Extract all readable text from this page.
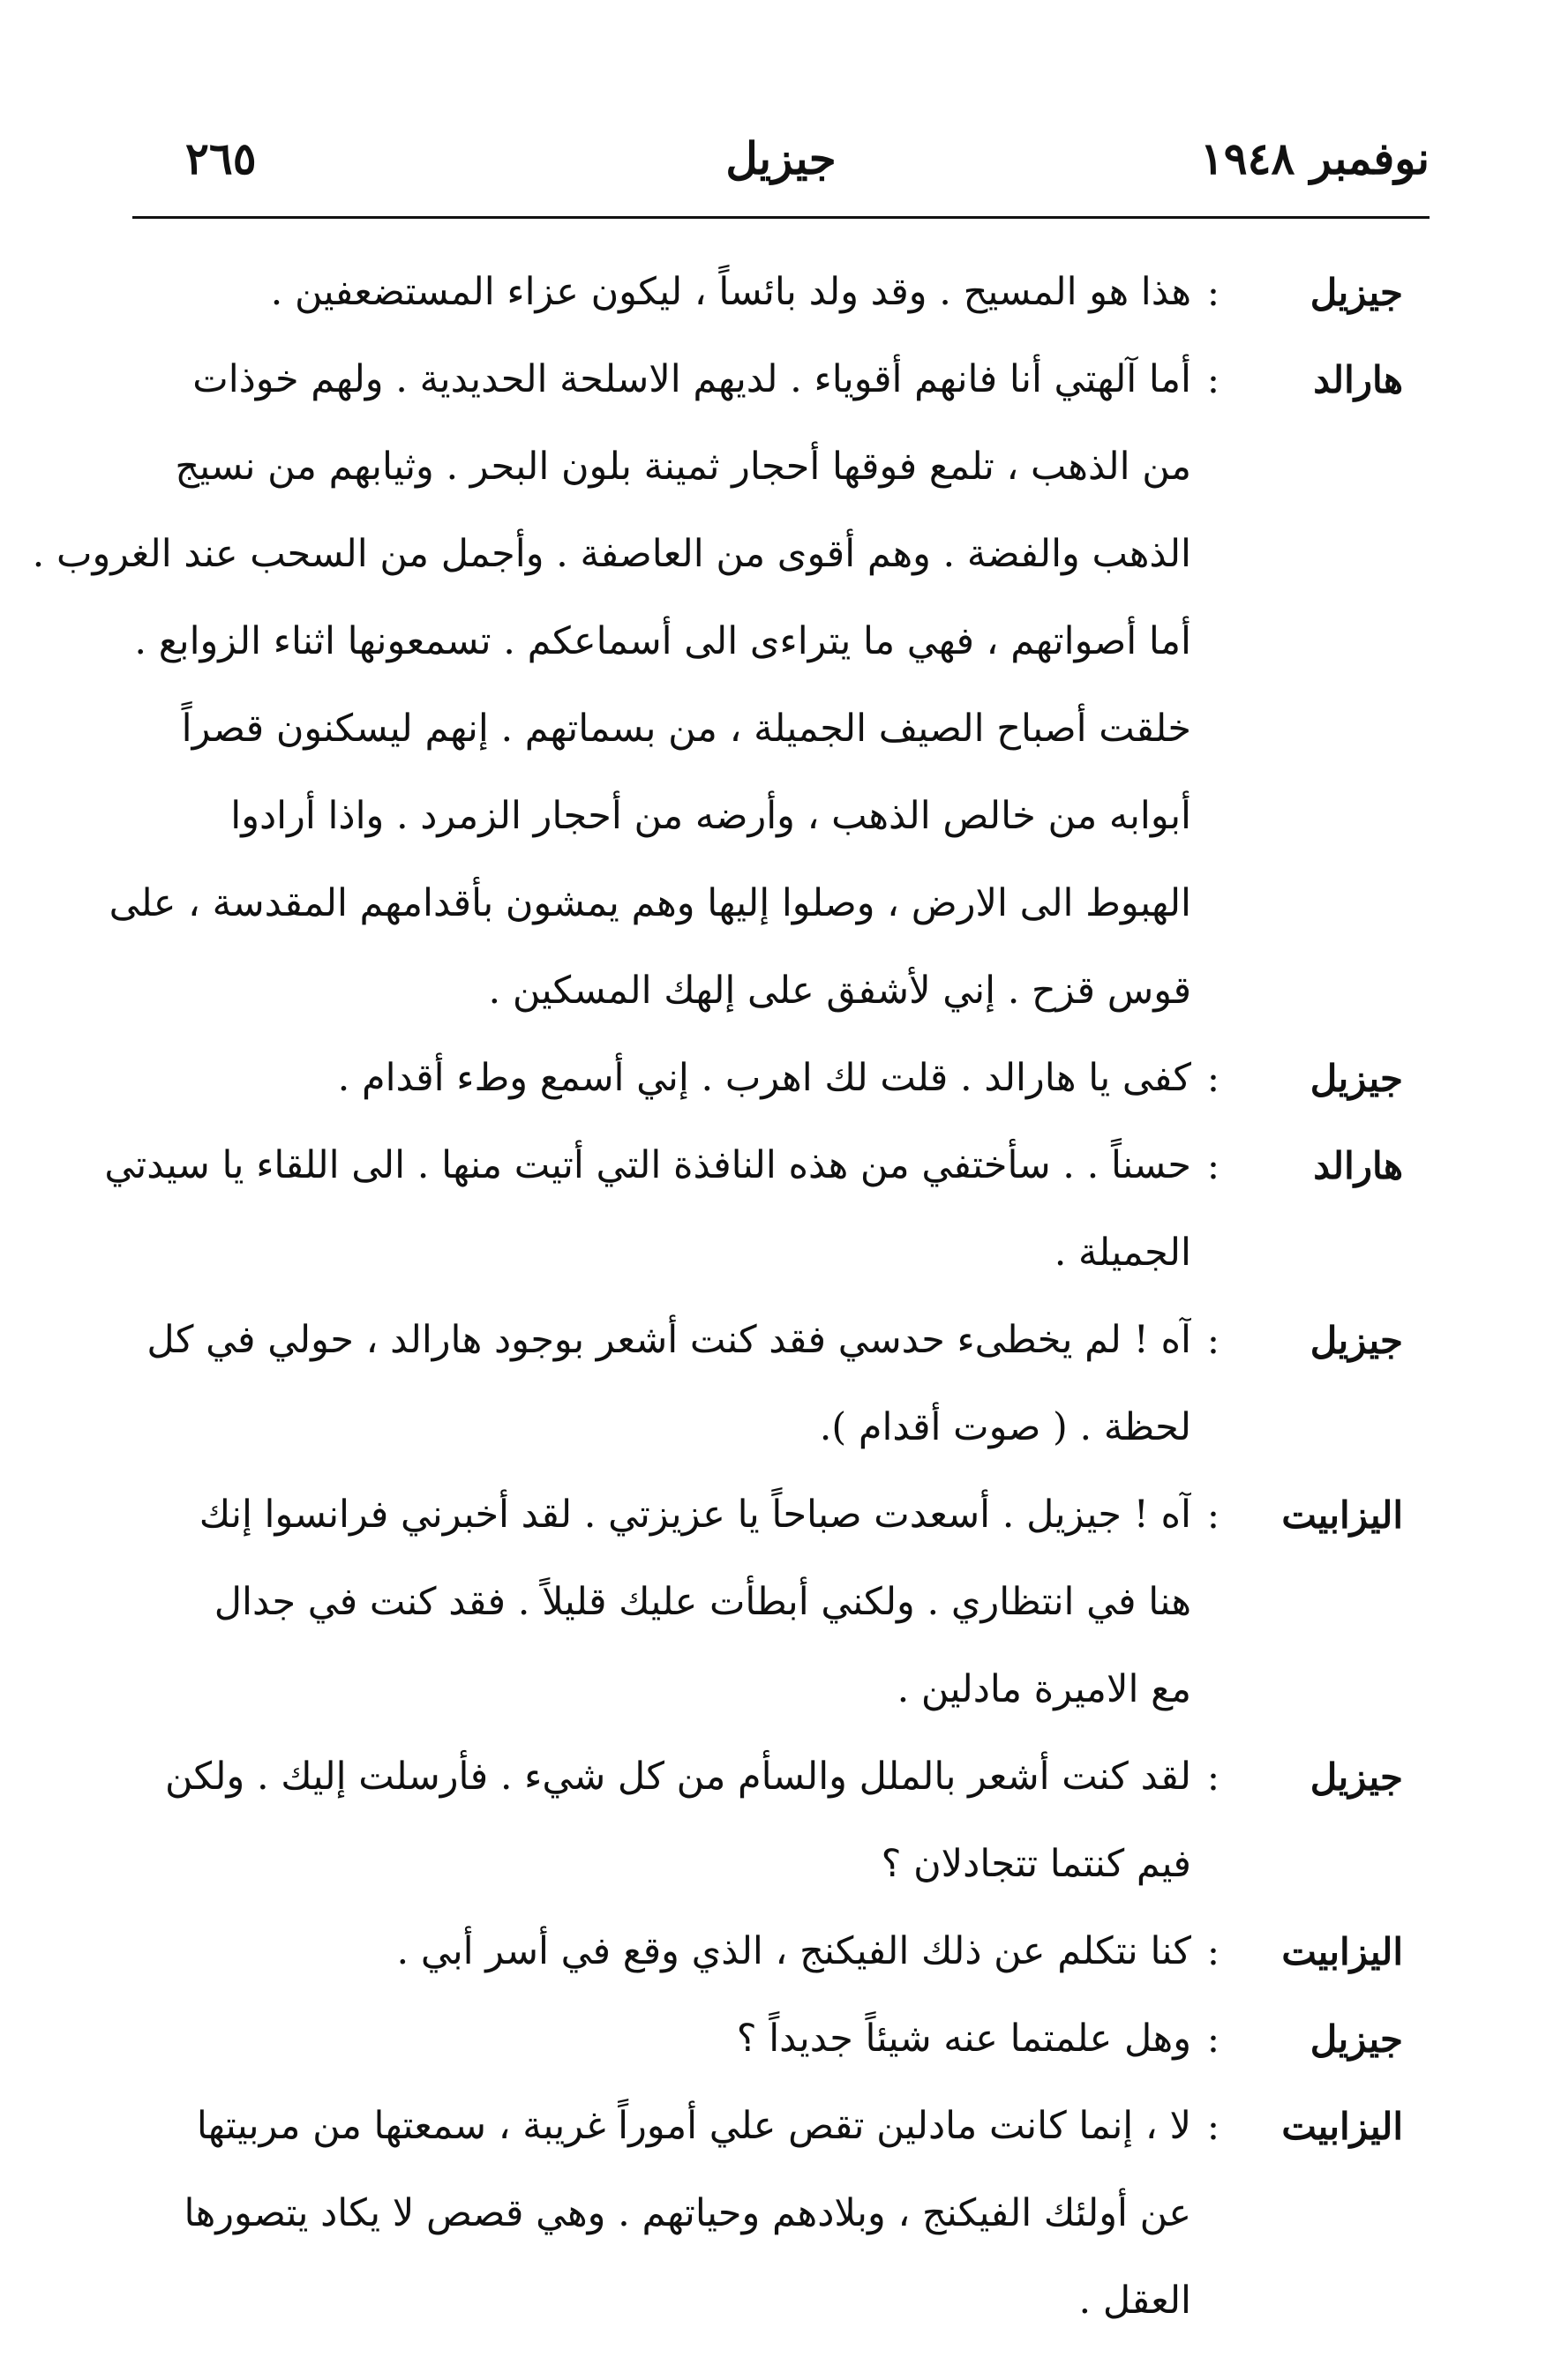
نوفمبر ١٩٤٨
جيزيل
٢٦٥
جيزيل
:
هذا هو المسيح . وقد ولد بائساً ، ليكون عزاء المستضعفين .
هارالد
:
أما آلهتي أنا فانهم أقوياء . لديهم الاسلحة الحديدية . ولهم خوذات
من الذهب ، تلمع فوقها أحجار ثمينة بلون البحر . وثيابهم من نسيج
الذهب والفضة . وهم أقوى من العاصفة . وأجمل من السحب عند الغروب .
أما أصواتهم ، فهي ما يتراءى الى أسماعكم . تسمعونها اثناء الزوابع .
خلقت أصباح الصيف الجميلة ، من بسماتهم . إنهم ليسكنون قصراً
أبوابه من خالص الذهب ، وأرضه من أحجار الزمرد . واذا أرادوا
الهبوط الى الارض ، وصلوا إليها وهم يمشون بأقدامهم المقدسة ، على
قوس قزح . إني لأشفق على إلهك المسكين .
جيزيل
:
كفى يا هارالد . قلت لك اهرب . إني أسمع وطء أقدام .
هارالد
:
حسناً . . سأختفي من هذه النافذة التي أتيت منها . الى اللقاء يا سيدتي
الجميلة .
جيزيل
:
آه ! لم يخطىء حدسي فقد كنت أشعر بوجود هارالد ، حولي في كل
لحظة . ( صوت أقدام ).
اليزابيت
:
آه ! جيزيل . أسعدت صباحاً يا عزيزتي . لقد أخبرني فرانسوا إنك
هنا في انتظاري . ولكني أبطأت عليك قليلاً . فقد كنت في جدال
مع الاميرة مادلين .
جيزيل
:
لقد كنت أشعر بالملل والسأم من كل شيء . فأرسلت إليك . ولكن
فيم كنتما تتجادلان ؟
اليزابيت
:
كنا نتكلم عن ذلك الفيكنج ، الذي وقع في أسر أبي .
جيزيل
:
وهل علمتما عنه شيئاً جديداً ؟
اليزابيت
:
لا ، إنما كانت مادلين تقص علي أموراً غريبة ، سمعتها من مربيتها
عن أولئك الفيكنج ، وبلادهم وحياتهم . وهي قصص لا يكاد يتصورها
العقل .
